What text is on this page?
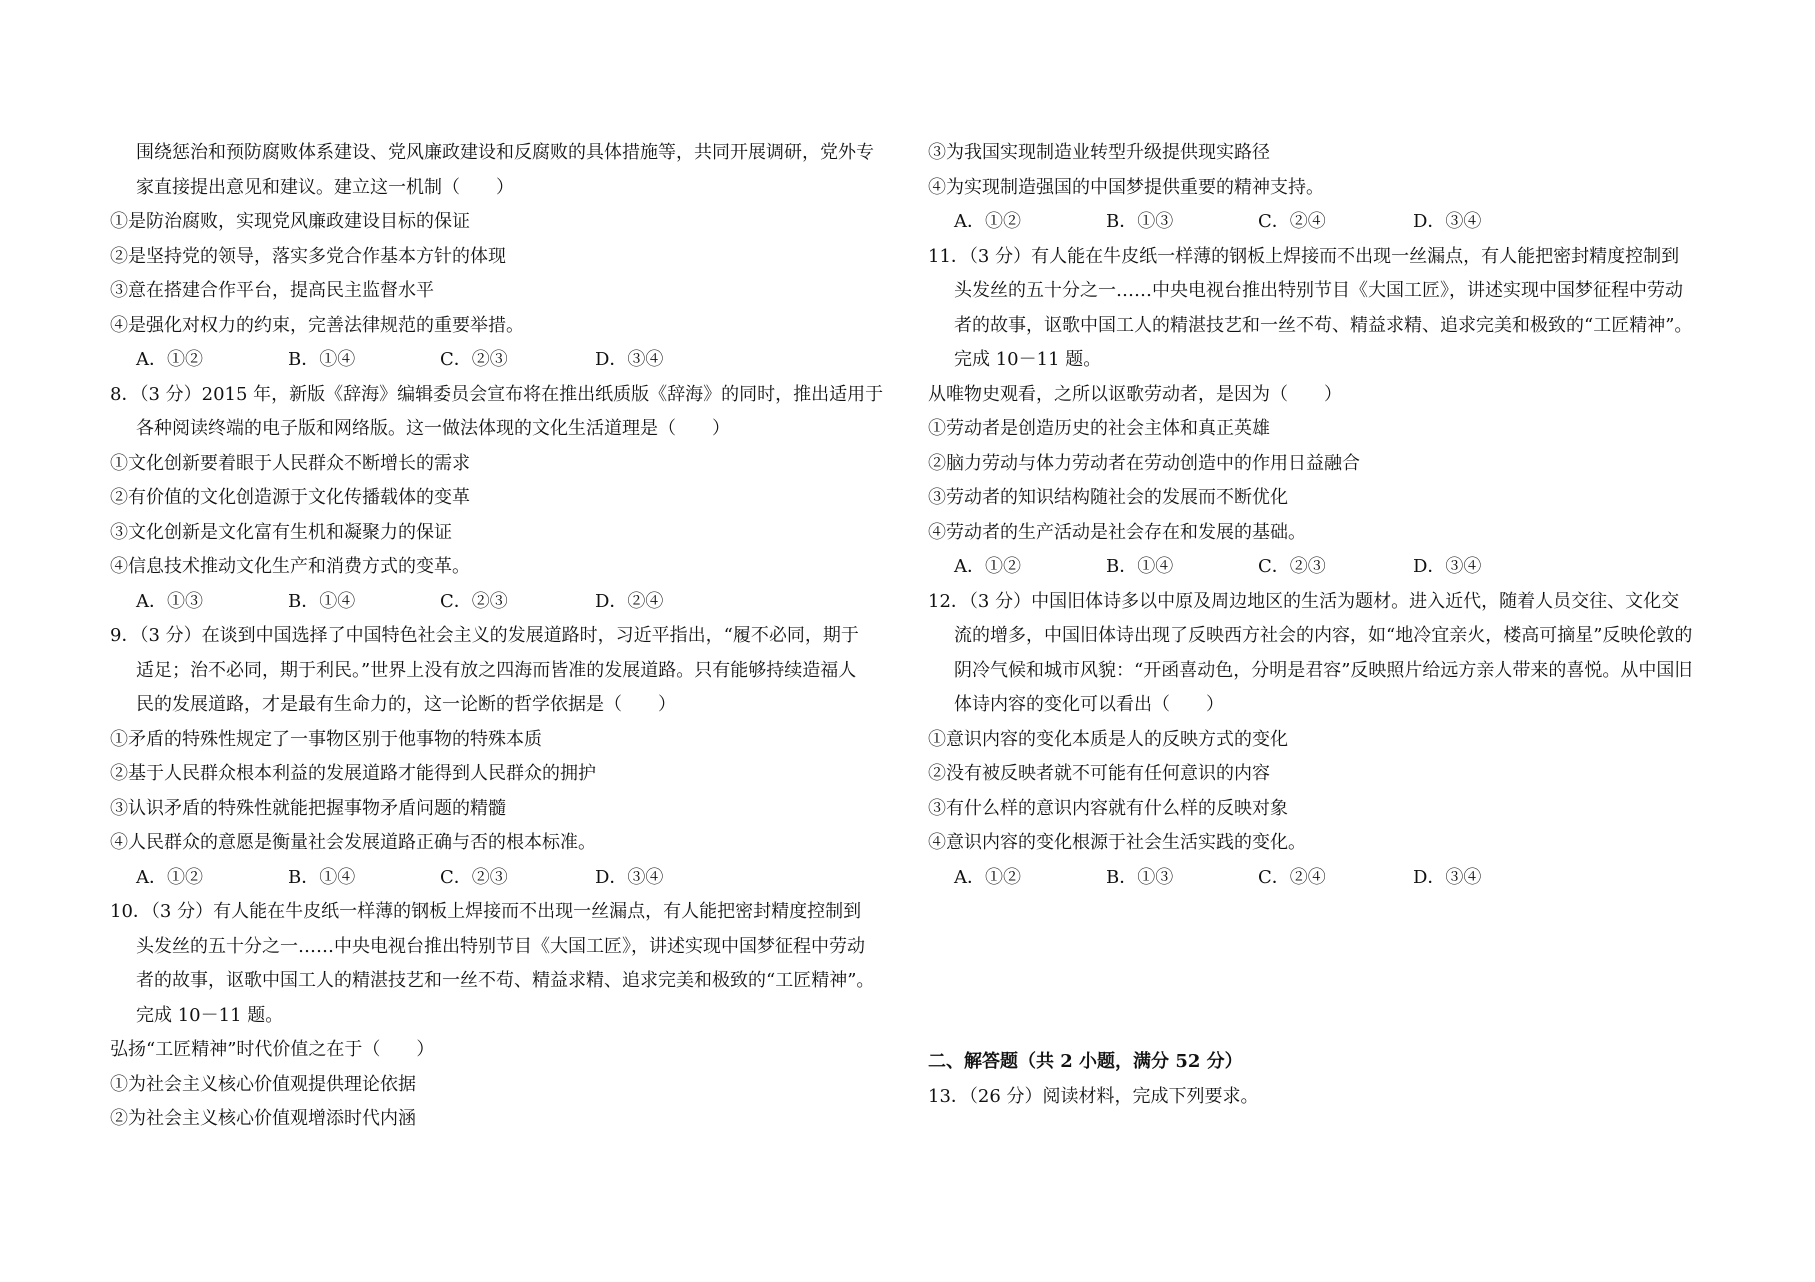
围绕惩治和预防腐败体系建设、党风廉政建设和反腐败的具体措施等，共同开展调研，党外专
家直接提出意见和建议。建立这一机制（　　）
①是防治腐败，实现党风廉政建设目标的保证
②是坚持党的领导，落实多党合作基本方针的体现
③意在搭建合作平台，提高民主监督水平
④是强化对权力的约束，完善法律规范的重要举措。
A．①②	B．①④	C．②③	D．③④
8．（3 分）2015 年，新版《辞海》编辑委员会宣布将在推出纸质版《辞海》的同时，推出适用于
各种阅读终端的电子版和网络版。这一做法体现的文化生活道理是（　　）
①文化创新要着眼于人民群众不断增长的需求
②有价值的文化创造源于文化传播载体的变革
③文化创新是文化富有生机和凝聚力的保证
④信息技术推动文化生产和消费方式的变革。
A．①③	B．①④	C．②③	D．②④
9．（3 分）在谈到中国选择了中国特色社会主义的发展道路时，习近平指出，“履不必同，期于
适足；治不必同，期于利民。”世界上没有放之四海而皆准的发展道路。只有能够持续造福人
民的发展道路，才是最有生命力的，这一论断的哲学依据是（　　）
①矛盾的特殊性规定了一事物区别于他事物的特殊本质
②基于人民群众根本利益的发展道路才能得到人民群众的拥护
③认识矛盾的特殊性就能把握事物矛盾问题的精髓
④人民群众的意愿是衡量社会发展道路正确与否的根本标准。
A．①②	B．①④	C．②③	D．③④
10．（3 分）有人能在牛皮纸一样薄的钢板上焊接而不出现一丝漏点，有人能把密封精度控制到
头发丝的五十分之一……中央电视台推出特别节目《大国工匠》，讲述实现中国梦征程中劳动
者的故事，讴歌中国工人的精湛技艺和一丝不苟、精益求精、追求完美和极致的“工匠精神”。
完成 10－11 题。
弘扬“工匠精神”时代价值之在于（　　）
①为社会主义核心价值观提供理论依据
②为社会主义核心价值观增添时代内涵
③为我国实现制造业转型升级提供现实路径
④为实现制造强国的中国梦提供重要的精神支持。
A．①②	B．①③	C．②④	D．③④
11．（3 分）有人能在牛皮纸一样薄的钢板上焊接而不出现一丝漏点，有人能把密封精度控制到
头发丝的五十分之一……中央电视台推出特别节目《大国工匠》，讲述实现中国梦征程中劳动
者的故事，讴歌中国工人的精湛技艺和一丝不苟、精益求精、追求完美和极致的“工匠精神”。
完成 10－11 题。
从唯物史观看，之所以讴歌劳动者，是因为（　　）
①劳动者是创造历史的社会主体和真正英雄
②脑力劳动与体力劳动者在劳动创造中的作用日益融合
③劳动者的知识结构随社会的发展而不断优化
④劳动者的生产活动是社会存在和发展的基础。
A．①②	B．①④	C．②③	D．③④
12．（3 分）中国旧体诗多以中原及周边地区的生活为题材。进入近代，随着人员交往、文化交
流的增多，中国旧体诗出现了反映西方社会的内容，如“地冷宜亲火，楼高可摘星”反映伦敦的
阴冷气候和城市风貌：“开函喜动色，分明是君容”反映照片给远方亲人带来的喜悦。从中国旧
体诗内容的变化可以看出（　　）
①意识内容的变化本质是人的反映方式的变化
②没有被反映者就不可能有任何意识的内容
③有什么样的意识内容就有什么样的反映对象
④意识内容的变化根源于社会生活实践的变化。
A．①②	B．①③	C．②④	D．③④
二、解答题（共 2 小题，满分 52 分）
13．（26 分）阅读材料，完成下列要求。
